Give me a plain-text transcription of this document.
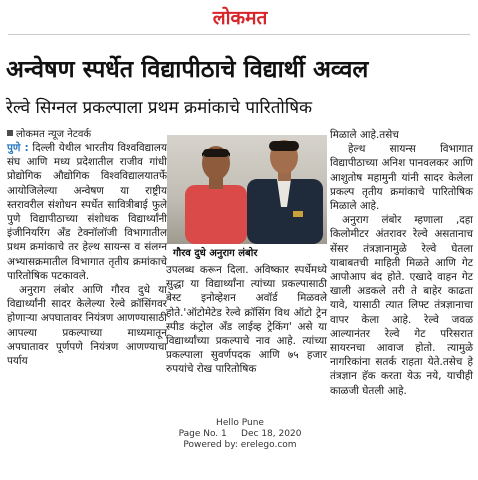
लोकमत
अन्वेषण स्पर्धेत विद्यापीठाचे विद्यार्थी अव्वल
रेल्वे सिग्नल प्रकल्पाला प्रथम क्रमांकाचे पारितोषिक
लोकमत न्यूज नेटवर्क

पुणे : दिल्ली येथील भारतीय विश्वविद्यालय संघ आणि मध्य प्रदेशातील राजीव गांधी प्रोद्योगिक औद्योगिक विश्वविद्यालयातर्फे आयोजिलेल्या अन्वेषण या राष्ट्रीय स्तरावरील संशोधन स्पर्धेत सावित्रीबाई फुले पुणे विद्यापीठाच्या संशोधक विद्यार्थ्यांनी इंजीनियरिंग अँड टेक्नॉलॉजी विभागातील प्रथम क्रमांकाचे तर हेल्थ सायन्स व संलग्न अभ्यासक्रमातील विभागात तृतीय क्रमांकाचे पारितोषिक पटकावले.

अनुराग लंबोर आणि गौरव दुधे या विद्यार्थ्यांनी सादर केलेल्या रेल्वे क्रॉसिंगवर होणाऱ्या अपघातावर नियंत्रण आणण्यासाठी आपल्या प्रकल्पाच्या माध्यमातून अपघातावर पूर्णपणे नियंत्रण आणण्याचा पर्याय

गौरव दुधे अनुराग लंबोर

उपलब्ध करून दिला. अविष्कार स्पर्धेमध्ये सुद्धा या विद्यार्थ्यांना त्यांच्या प्रकल्पासाठी बेस्ट इनोव्हेशन अवॉर्ड मिळवले होते.'ऑटोमेटेड रेल्वे क्रॉसिंग विथ ऑटो ट्रेन स्पीड कंट्रोल अँड लाईव्ह ट्रेकिंग' असे या विद्यार्थ्यांच्या प्रकल्पाचे नाव आहे. त्यांच्या प्रकल्पाला सुवर्णपदक आणि ७५ हजार रुपयांचे रोख पारितोषिक

मिळाले आहे.तसेच

हेल्थ सायन्स विभागात विद्यापीठाच्या अनिश पानवलकर आणि आशुतोष महामुनी यांनी सादर केलेला प्रकल्प तृतीय क्रमांकाचे पारितोषिक मिळाले आहे.

अनुराग लंबोर म्हणाला ,दहा किलोमीटर अंतरावर रेल्वे असतानाच सेंसर तंत्रज्ञानामुळे रेल्वे घेतला याबाबतची माहिती मिळते आणि गेट आपोआप बंद होते. एखादे वाहन गेट खाली अडकले तरी ते बाहेर काढता यावे, यासाठी त्यात लिफ्ट तंत्रज्ञानाचा वापर केला आहे. रेल्वे जवळ आल्यानंतर रेल्वे गेट परिसरात सायरनचा आवाज होतो. त्यामुळे नागरिकांना सतर्क राहता येते.तसेच हे तंत्रज्ञान हॅक करता येऊ नये, याचीही काळजी घेतली आहे.

Hello Pune
Page No. 1     Dec 18, 2020
Powered by: erelego.com
